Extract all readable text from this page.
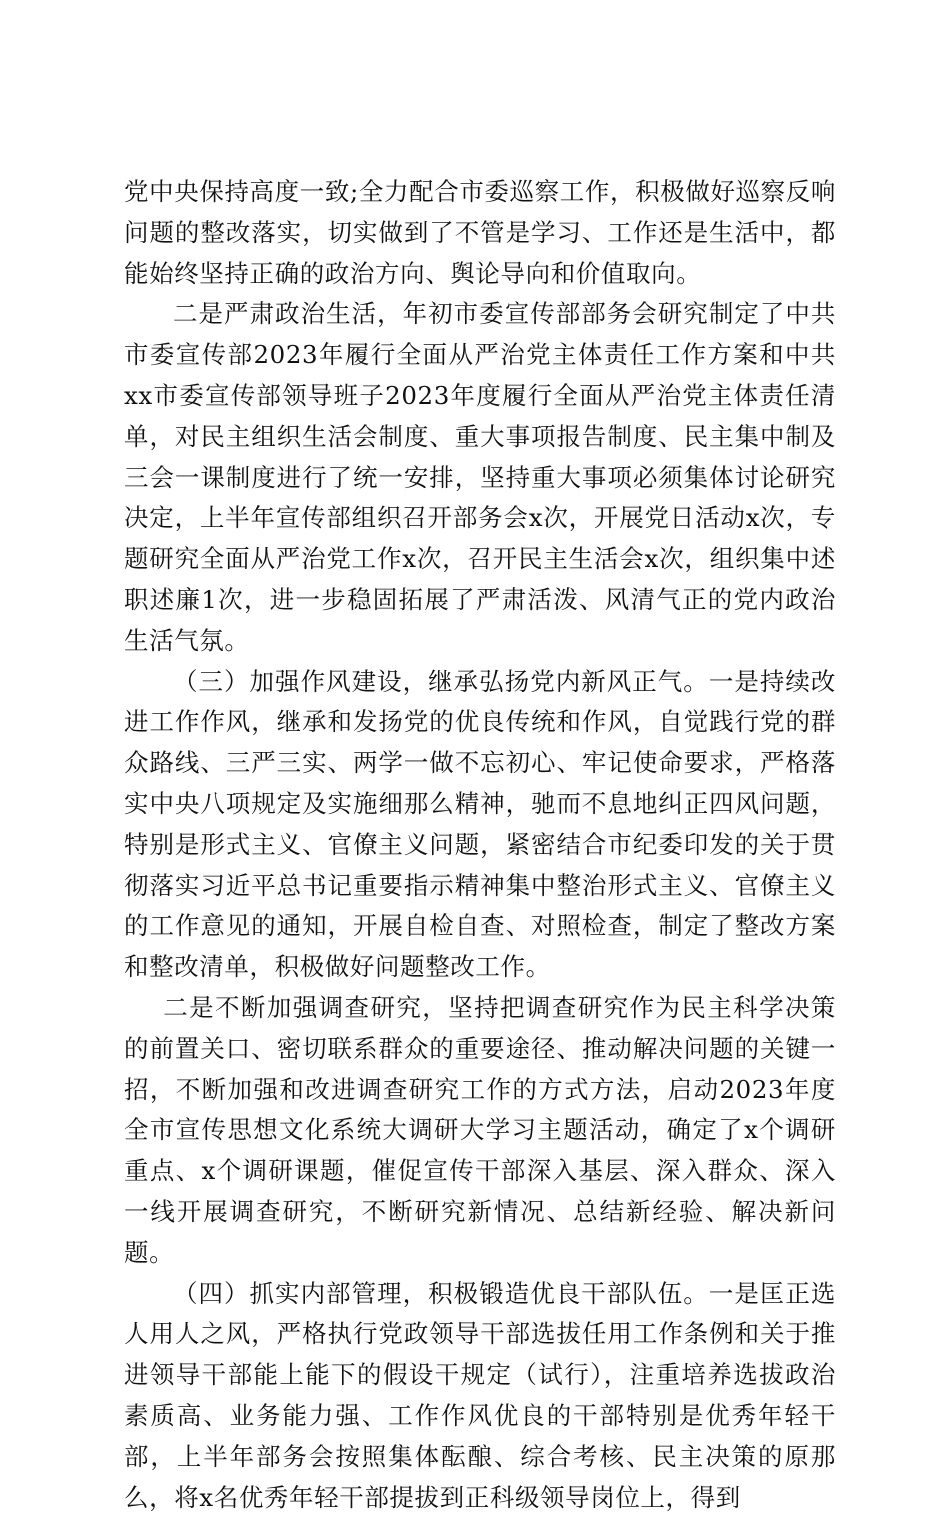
党中央保持高度一致;全力配合市委巡察工作，积极做好巡察反响问题的整改落实，切实做到了不管是学习、工作还是生活中，都能始终坚持正确的政治方向、舆论导向和价值取向。

二是严肃政治生活，年初市委宣传部部务会研究制定了中共市委宣传部2023年履行全面从严治党主体责任工作方案和中共xx市委宣传部领导班子2023年度履行全面从严治党主体责任清单，对民主组织生活会制度、重大事项报告制度、民主集中制及三会一课制度进行了统一安排，坚持重大事项必须集体讨论研究决定，上半年宣传部组织召开部务会x次，开展党日活动x次，专题研究全面从严治党工作x次，召开民主生活会x次，组织集中述职述廉1次，进一步稳固拓展了严肃活泼、风清气正的党内政治生活气氛。

（三）加强作风建设，继承弘扬党内新风正气。一是持续改进工作作风，继承和发扬党的优良传统和作风，自觉践行党的群众路线、三严三实、两学一做不忘初心、牢记使命要求，严格落实中央八项规定及实施细那么精神，驰而不息地纠正四风问题，特别是形式主义、官僚主义问题，紧密结合市纪委印发的关于贯彻落实习近平总书记重要指示精神集中整治形式主义、官僚主义的工作意见的通知，开展自检自查、对照检查，制定了整改方案和整改清单，积极做好问题整改工作。

二是不断加强调查研究，坚持把调查研究作为民主科学决策的前置关口、密切联系群众的重要途径、推动解决问题的关键一招，不断加强和改进调查研究工作的方式方法，启动2023年度全市宣传思想文化系统大调研大学习主题活动，确定了x个调研重点、x个调研课题，催促宣传干部深入基层、深入群众、深入一线开展调查研究，不断研究新情况、总结新经验、解决新问题。

（四）抓实内部管理，积极锻造优良干部队伍。一是匡正选人用人之风，严格执行党政领导干部选拔任用工作条例和关于推进领导干部能上能下的假设干规定（试行），注重培养选拔政治素质高、业务能力强、工作作风优良的干部特别是优秀年轻干部，上半年部务会按照集体酝酿、综合考核、民主决策的原那么，将x名优秀年轻干部提拔到正科级领导岗位上，得到
